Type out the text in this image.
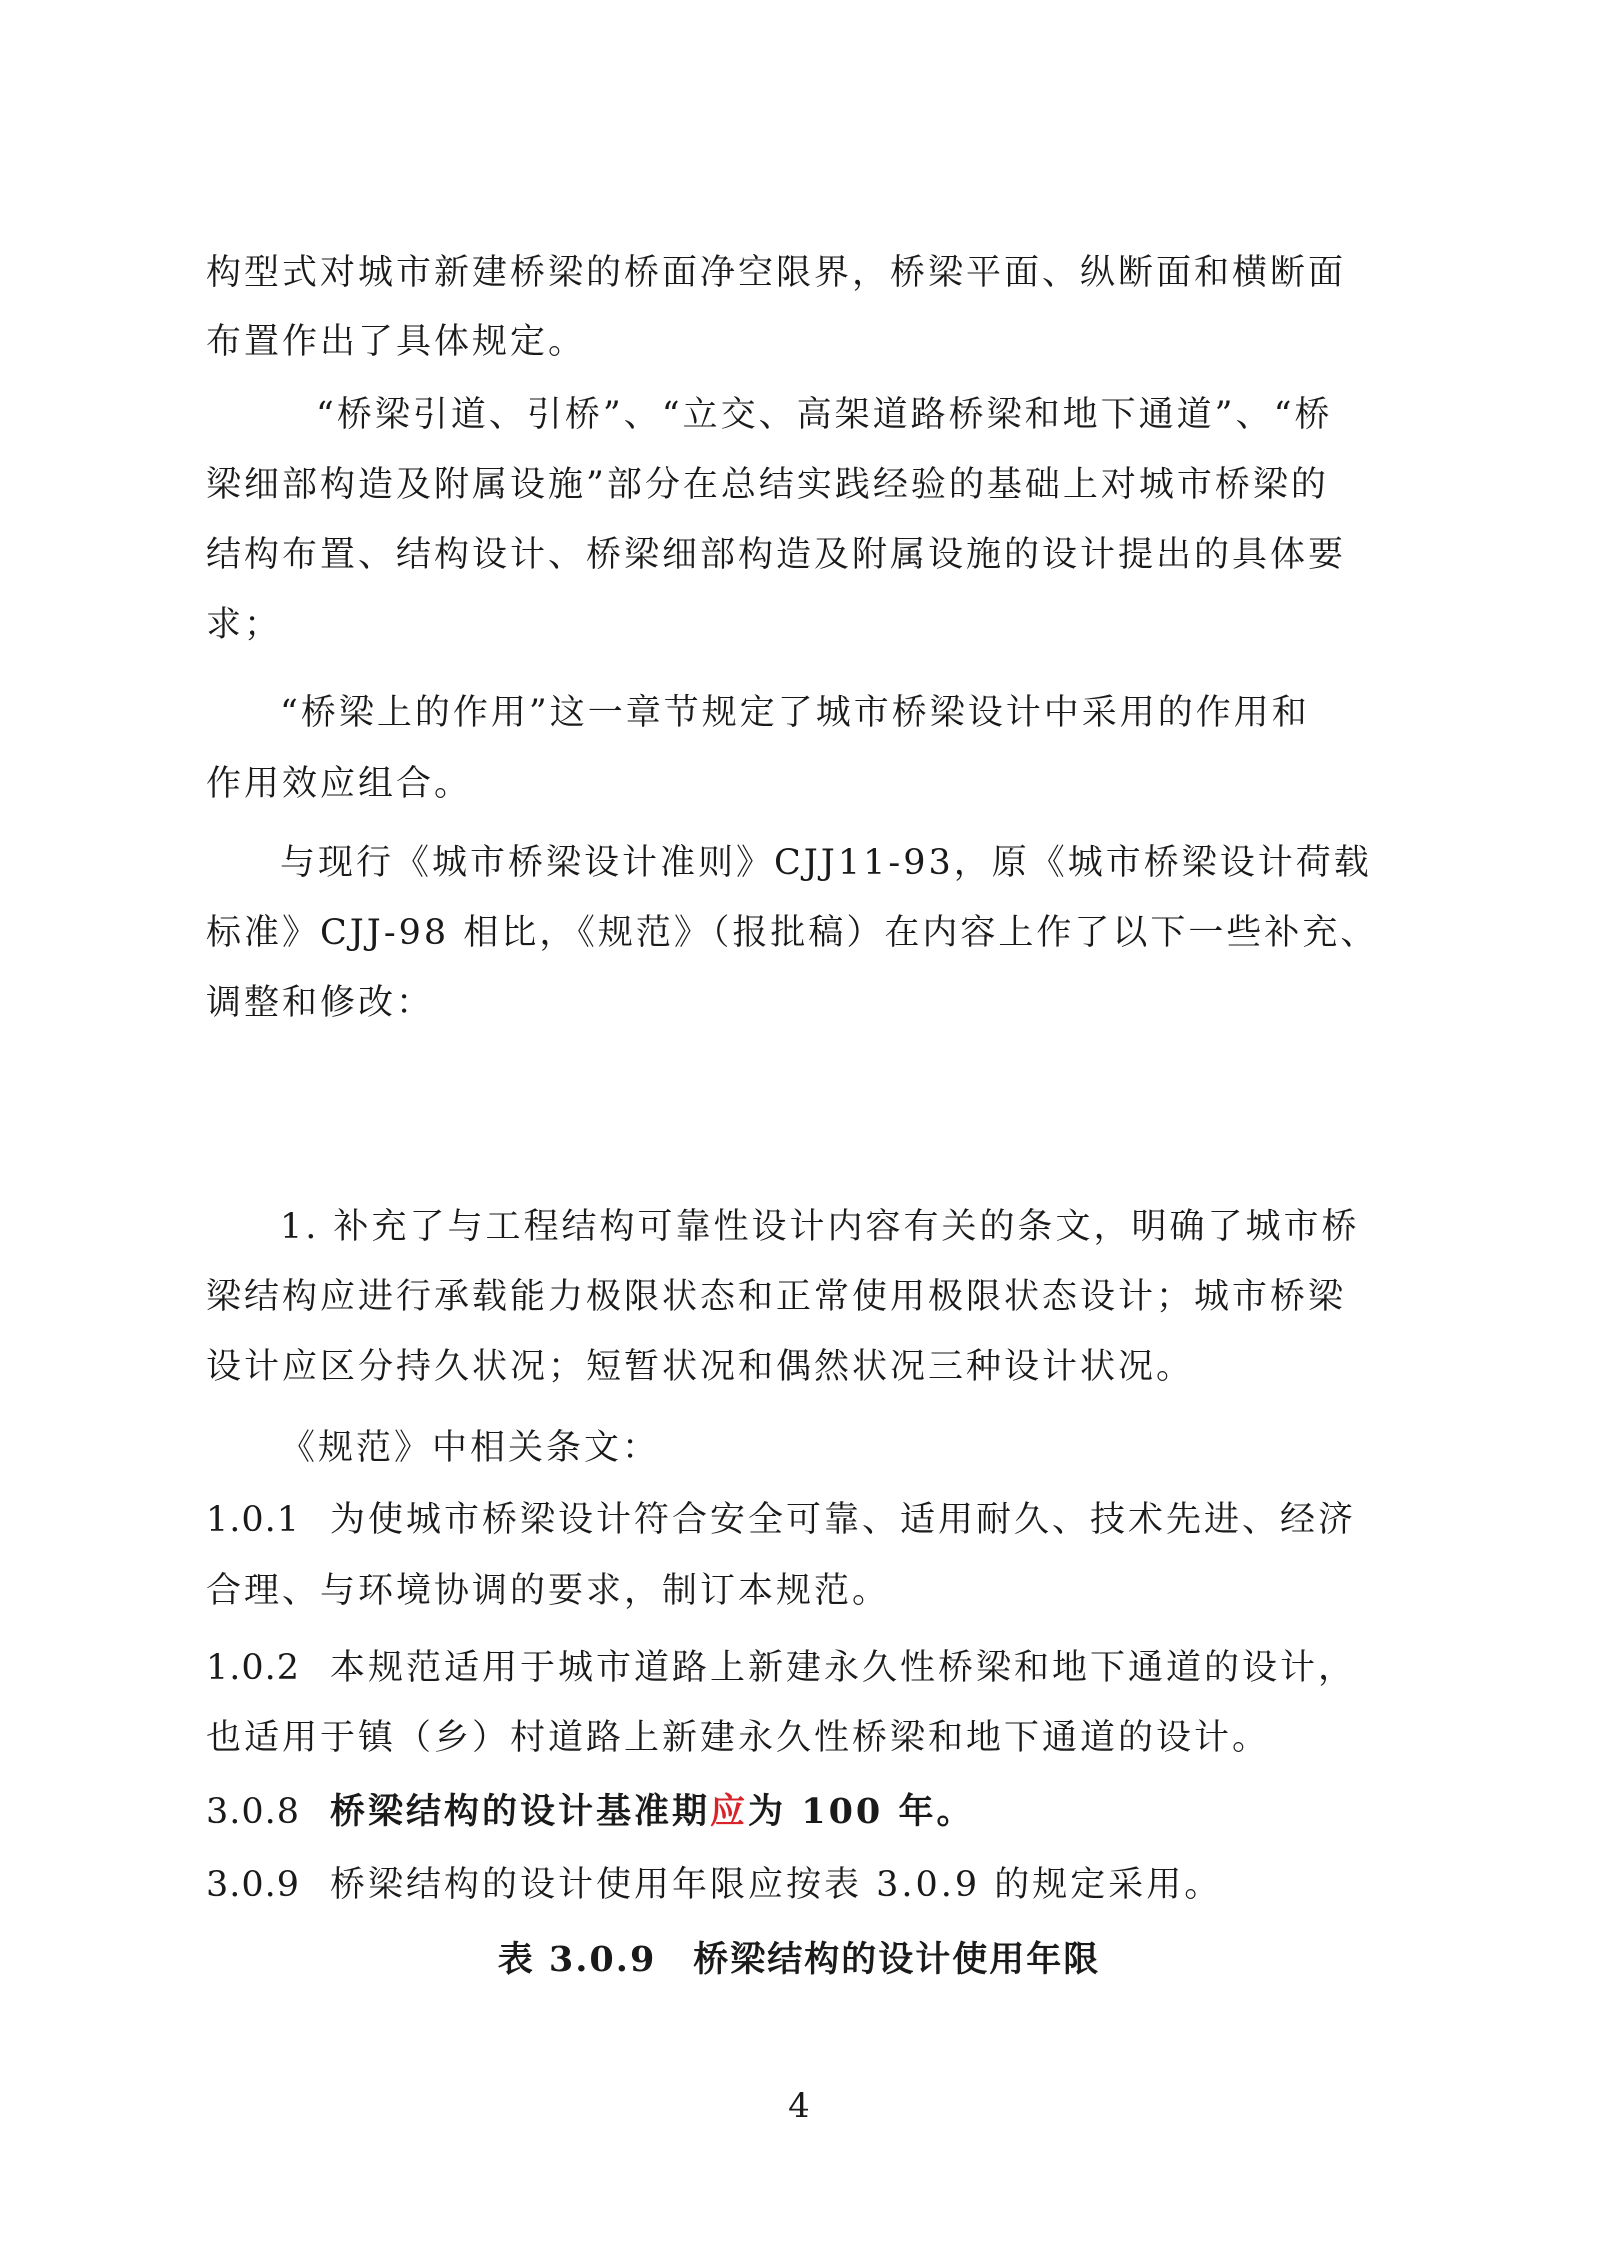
构型式对城市新建桥梁的桥面净空限界，桥梁平面、纵断面和横断面
布置作出了具体规定。
“桥梁引道、引桥”、“立交、高架道路桥梁和地下通道”、“桥
梁细部构造及附属设施”部分在总结实践经验的基础上对城市桥梁的
结构布置、结构设计、桥梁细部构造及附属设施的设计提出的具体要
求；
“桥梁上的作用”这一章节规定了城市桥梁设计中采用的作用和
作用效应组合。
与现行《城市桥梁设计准则》CJJ11-93，原《城市桥梁设计荷载
标准》CJJ-98 相比，《规范》（报批稿）在内容上作了以下一些补充、
调整和修改：
1. 补充了与工程结构可靠性设计内容有关的条文，明确了城市桥
梁结构应进行承载能力极限状态和正常使用极限状态设计；城市桥梁
设计应区分持久状况；短暂状况和偶然状况三种设计状况。
《规范》中相关条文：
1.0.1 为使城市桥梁设计符合安全可靠、适用耐久、技术先进、经济
合理、与环境协调的要求，制订本规范。
1.0.2 本规范适用于城市道路上新建永久性桥梁和地下通道的设计，
也适用于镇（乡）村道路上新建永久性桥梁和地下通道的设计。
3.0.8 桥梁结构的设计基准期应为 100 年。
3.0.9 桥梁结构的设计使用年限应按表 3.0.9 的规定采用。
表 3.0.9　桥梁结构的设计使用年限
4
